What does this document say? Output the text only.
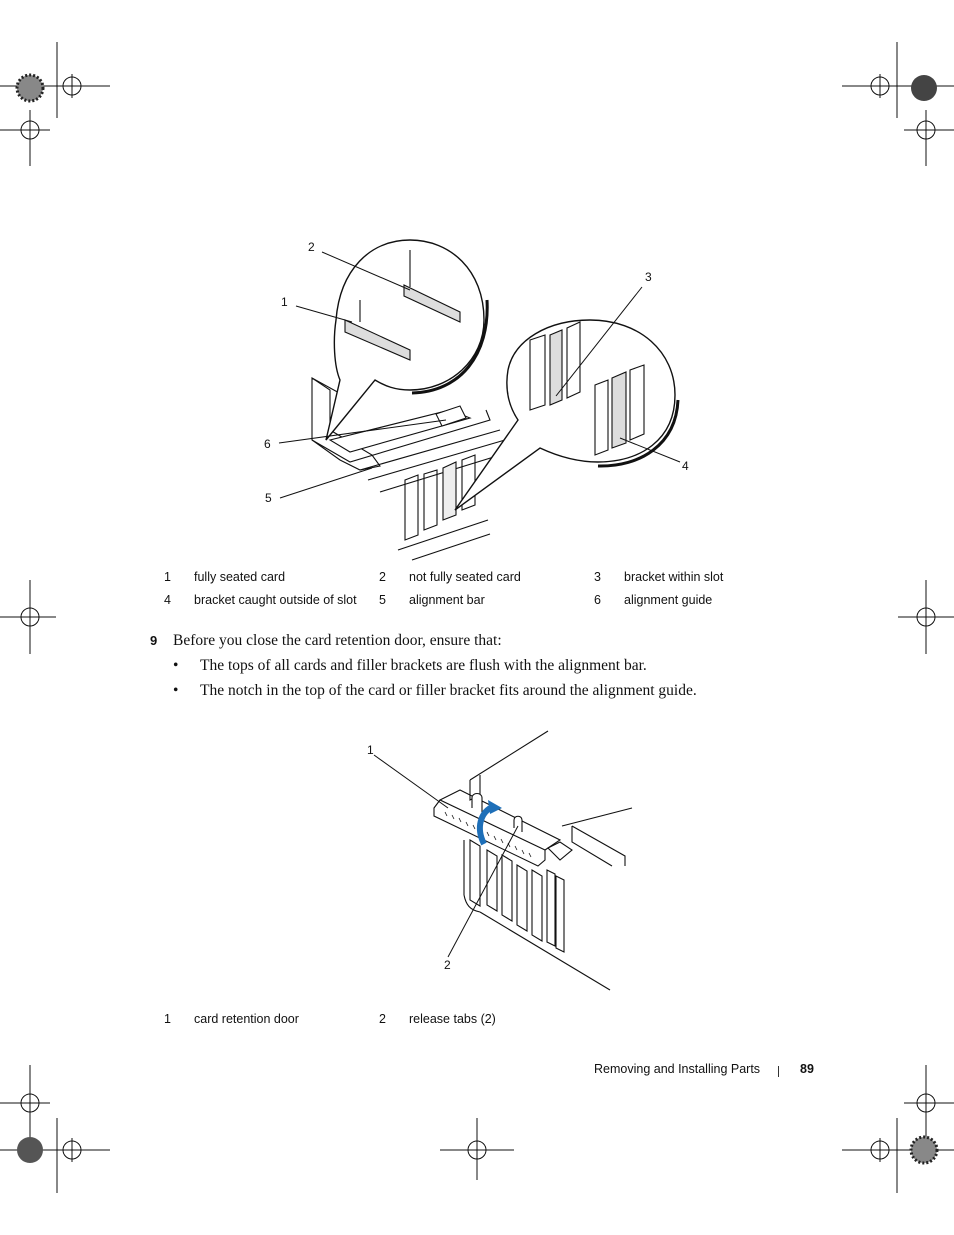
2
1
3
4
6
5
1 fully seated card	2 not fully seated card	3 bracket within slot
4 bracket caught outside of slot 5 alignment bar	6 alignment guide
9 Before you close the card retention door, ensure that:
• The tops of all cards and filler brackets are flush with the alignment bar.
• The notch in the top of the card or filler bracket fits around the alignment guide.
1
2
1 card retention door	2 release tabs (2)
Removing and Installing Parts	89
